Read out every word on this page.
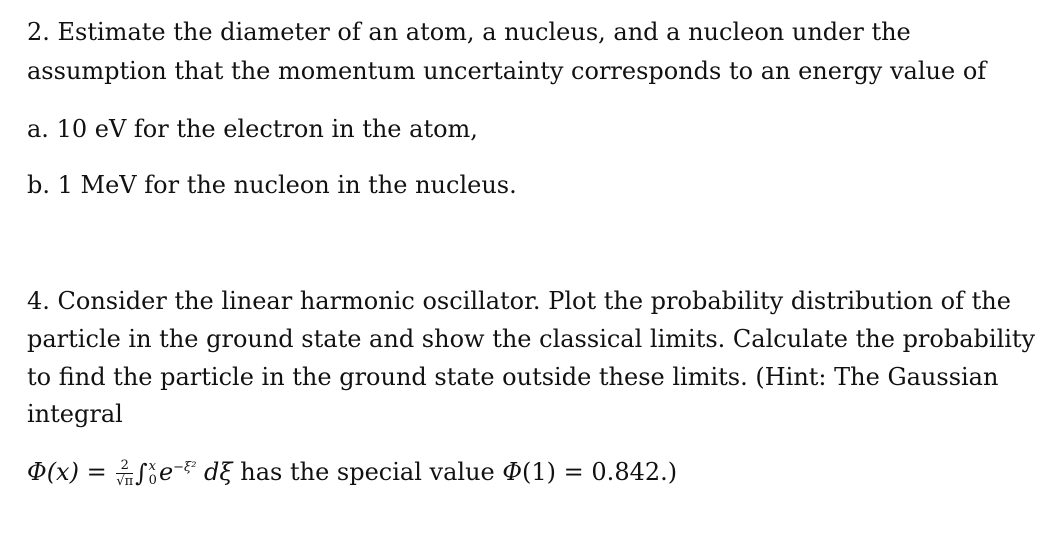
2. Estimate the diameter of an atom, a nucleus, and a nucleon under the
assumption that the momentum uncertainty corresponds to an energy value of
a. 10 eV for the electron in the atom,
b. 1 MeV for the nucleon in the nucleus.
4. Consider the linear harmonic oscillator. Plot the probability distribution of the
particle in the ground state and show the classical limits. Calculate the probability
to find the particle in the ground state outside these limits. (Hint: The Gaussian
integral
$\Phi(x) = \frac{2}{√\pi}$ ∫ x
0 $e^{-\xi^2}$ dξ has the special value Φ(1) = 0.842.)
